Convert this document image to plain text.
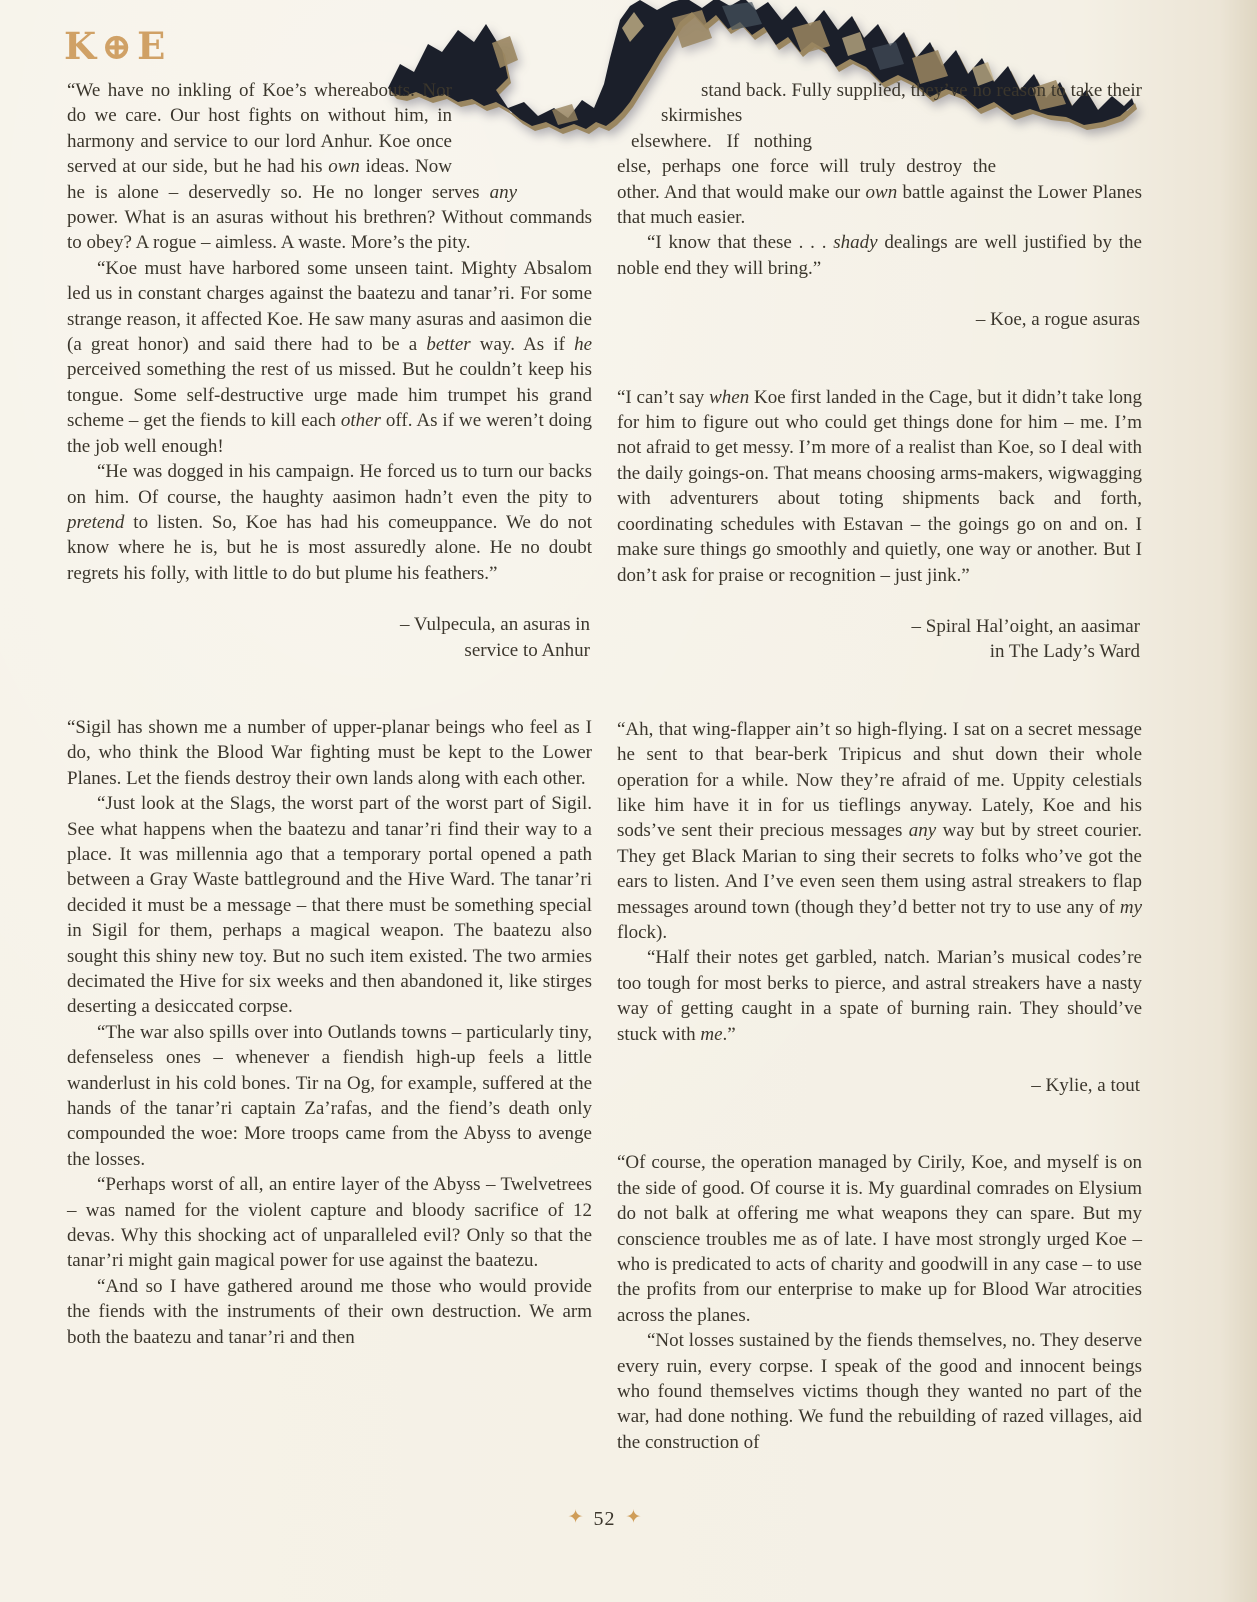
K⊕E

“We have no inkling of Koe’s whereabouts. Nor do we care. Our host fights on without him, in harmony and service to our lord Anhur. Koe once served at our side, but he had his own ideas. Now he is alone – deservedly so. He no longer serves any power. What is an asuras without his brethren? Without commands to obey? A rogue – aimless. A waste. More’s the pity.

“Koe must have harbored some unseen taint. Mighty Absalom led us in constant charges against the baatezu and tanar’ri. For some strange reason, it affected Koe. He saw many asuras and aasimon die (a great honor) and said there had to be a better way. As if he perceived something the rest of us missed. But he couldn’t keep his tongue. Some self-destructive urge made him trumpet his grand scheme – get the fiends to kill each other off. As if we weren’t doing the job well enough!

“He was dogged in his campaign. He forced us to turn our backs on him. Of course, the haughty aasimon hadn’t even the pity to pretend to listen. So, Koe has had his comeuppance. We do not know where he is, but he is most assuredly alone. He no doubt regrets his folly, with little to do but plume his feathers.”

– Vulpecula, an asuras in
service to Anhur

“Sigil has shown me a number of upper-planar beings who feel as I do, who think the Blood War fighting must be kept to the Lower Planes. Let the fiends destroy their own lands along with each other.

“Just look at the Slags, the worst part of the worst part of Sigil. See what happens when the baatezu and tanar’ri find their way to a place. It was millennia ago that a temporary portal opened a path between a Gray Waste battleground and the Hive Ward. The tanar’ri decided it must be a message – that there must be something special in Sigil for them, perhaps a magical weapon. The baatezu also sought this shiny new toy. But no such item existed. The two armies decimated the Hive for six weeks and then abandoned it, like stirges deserting a desiccated corpse.

“The war also spills over into Outlands towns – particularly tiny, defenseless ones – whenever a fiendish high-up feels a little wanderlust in his cold bones. Tir na Og, for example, suffered at the hands of the tanar’ri captain Za’rafas, and the fiend’s death only compounded the woe: More troops came from the Abyss to avenge the losses.

“Perhaps worst of all, an entire layer of the Abyss – Twelvetrees – was named for the violent capture and bloody sacrifice of 12 devas. Why this shocking act of unparalleled evil? Only so that the tanar’ri might gain magical power for use against the baatezu.

“And so I have gathered around me those who would provide the fiends with the instruments of their own destruction. We arm both the baatezu and tanar’ri and then

stand back. Fully supplied, they’ve no reason to take their skirmishes elsewhere. If nothing else, perhaps one force will truly destroy the other. And that would make our own battle against the Lower Planes that much easier.

“I know that these . . . shady dealings are well justified by the noble end they will bring.”

– Koe, a rogue asuras

“I can’t say when Koe first landed in the Cage, but it didn’t take long for him to figure out who could get things done for him – me. I’m not afraid to get messy. I’m more of a realist than Koe, so I deal with the daily goings-on. That means choosing arms-makers, wigwagging with adventurers about toting shipments back and forth, coordinating schedules with Estavan – the goings go on and on. I make sure things go smoothly and quietly, one way or another. But I don’t ask for praise or recognition – just jink.”

– Spiral Hal’oight, an aasimar
in The Lady’s Ward

“Ah, that wing-flapper ain’t so high-flying. I sat on a secret message he sent to that bear-berk Tripicus and shut down their whole operation for a while. Now they’re afraid of me. Uppity celestials like him have it in for us tieflings anyway. Lately, Koe and his sods’ve sent their precious messages any way but by street courier. They get Black Marian to sing their secrets to folks who’ve got the ears to listen. And I’ve even seen them using astral streakers to flap messages around town (though they’d better not try to use any of my flock).

“Half their notes get garbled, natch. Marian’s musical codes’re too tough for most berks to pierce, and astral streakers have a nasty way of getting caught in a spate of burning rain. They should’ve stuck with me.”

– Kylie, a tout

“Of course, the operation managed by Cirily, Koe, and myself is on the side of good. Of course it is. My guardinal comrades on Elysium do not balk at offering me what weapons they can spare. But my conscience troubles me as of late. I have most strongly urged Koe – who is predicated to acts of charity and goodwill in any case – to use the profits from our enterprise to make up for Blood War atrocities across the planes.

“Not losses sustained by the fiends themselves, no. They deserve every ruin, every corpse. I speak of the good and innocent beings who found themselves victims though they wanted no part of the war, had done nothing. We fund the rebuilding of razed villages, aid the construction of

✦ 52 ✦
